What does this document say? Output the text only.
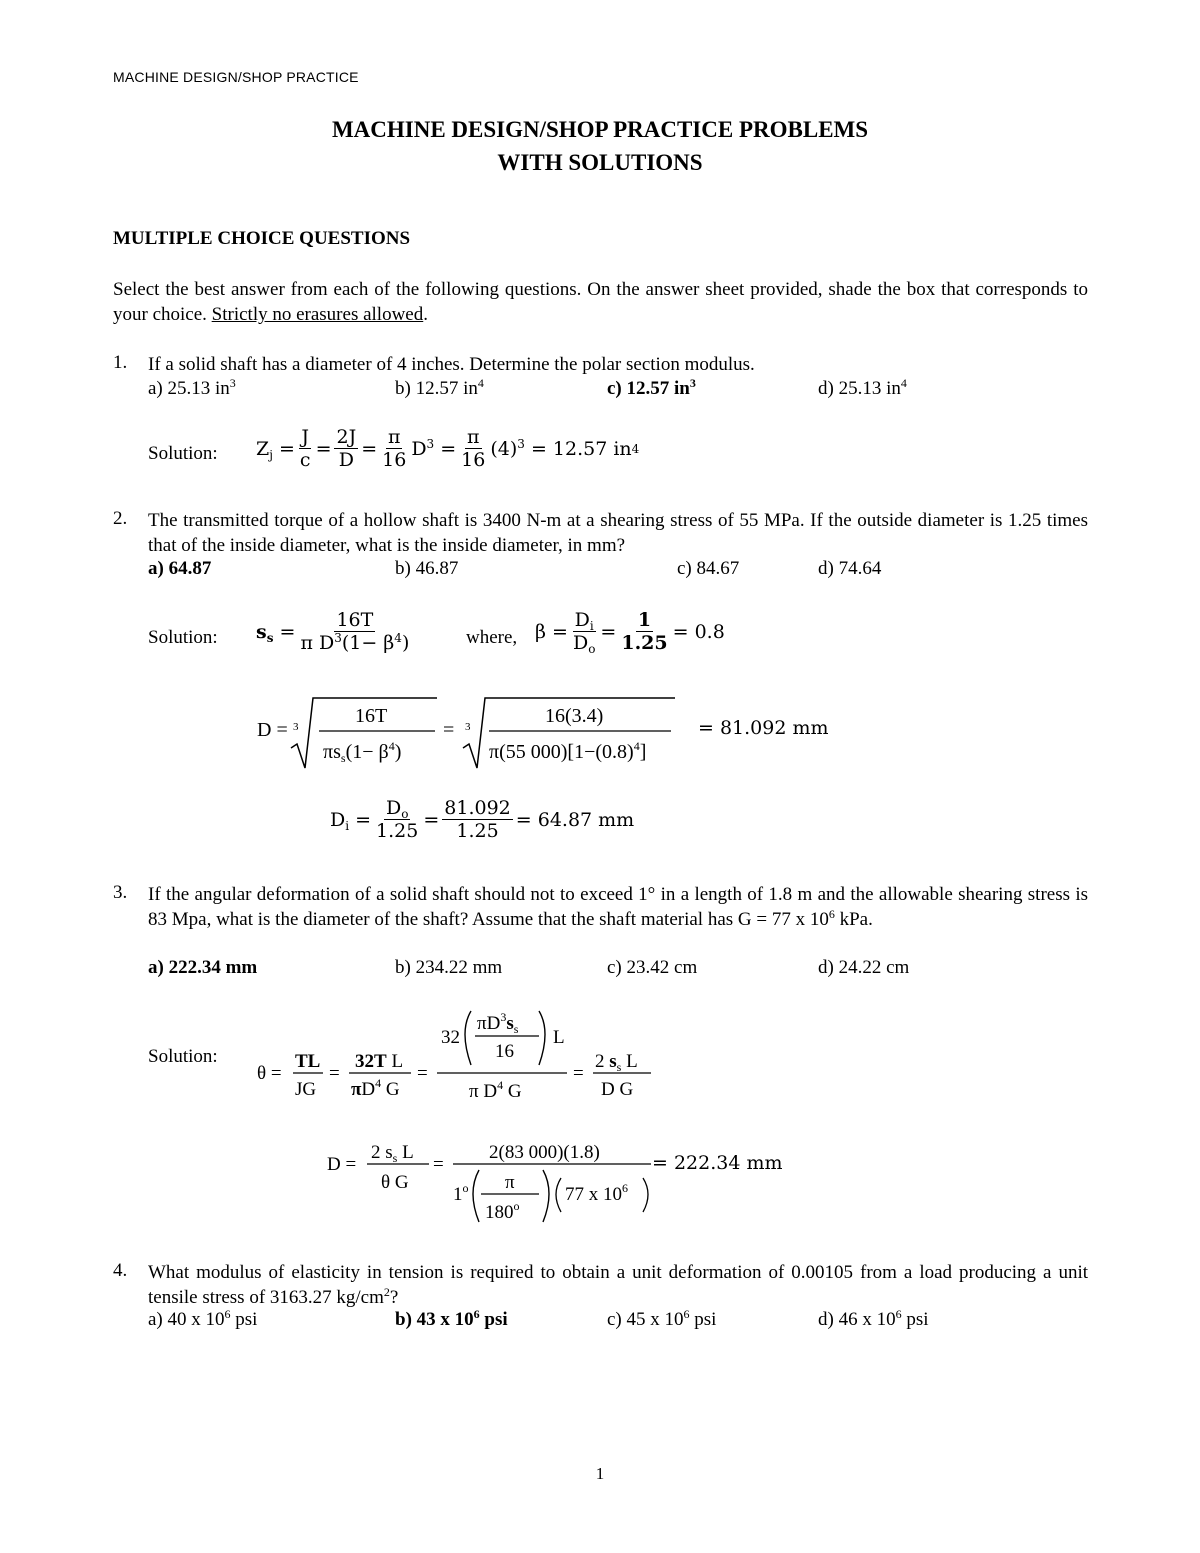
MACHINE DESIGN/SHOP PRACTICE
MACHINE DESIGN/SHOP PRACTICE PROBLEMS
WITH SOLUTIONS
MULTIPLE CHOICE QUESTIONS
Select the best answer from each of the following questions. On the answer sheet provided, shade the box that corresponds to your choice. Strictly no erasures allowed.
1. If a solid shaft has a diameter of 4 inches. Determine the polar section modulus.
a) 25.13 $in^3$	b) 12.57 $in^4$	c) 12.57 $in^3$	d) 25.13 $in^4$
Solution: $Z_j = \frac{J}{c} = \frac{2J}{D} = \frac{\pi}{16} D^3 = \frac{\pi}{16} (4)^3 = 12.57$ in 4
2. The transmitted torque of a hollow shaft is 3400 N-m at a shearing stress of 55 MPa. If the outside diameter is 1.25 times that of the inside diameter, what is the inside diameter, in mm?
a) 64.87	b) 46.87	c) 84.67	d) 74.64
Solution: $s_s = \frac{16T}{\pi D^3(1- \beta^4)}$	where, $\beta = \frac{D_i}{D_o} = \frac{1}{1.25} = 0.8$
D = 3	16T
$\pi s_s(1- \beta^4)$
= 3	16(3.4)
π(55 $000)[1-(0.8)^4]$
= 81.092 mm
$D_i = \frac{D_o}{1.25} = \frac{81.092}{1.25} = 64.87$ mm
3. If the angular deformation of a solid shaft should not to exceed 1° in a length of 1.8 m and the allowable shearing stress is 83 Mpa, what is the diameter of the shaft? Assume that the shaft material has G = 77 x $10^6$ kPa.
a) 222.34 mm	b) 234.22 mm	c) 23.42 cm	d) 24.22 cm
Solution:
θ =
TL
JG
=
32T L
$\pi D^4$ G
=
32
$\pi D^3s_s$
16
L
π $D^4$ G
=
2 $s_s$ L
D G
D =
2 $s_s$ L
θ G
=
2(83 000)(1.8)
1$^o$ π
180$^o$
77 x $10^6$
= 222.34 mm
4. What modulus of elasticity in tension is required to obtain a unit deformation of 0.00105 from a load producing a unit tensile stress of 3163.27 $kg/cm^2$?
a) 40 x $10^6$ psi	b) 43 x $10^6$ psi	c) 45 x $10^6$ psi	d) 46 x $10^6$ psi
1
